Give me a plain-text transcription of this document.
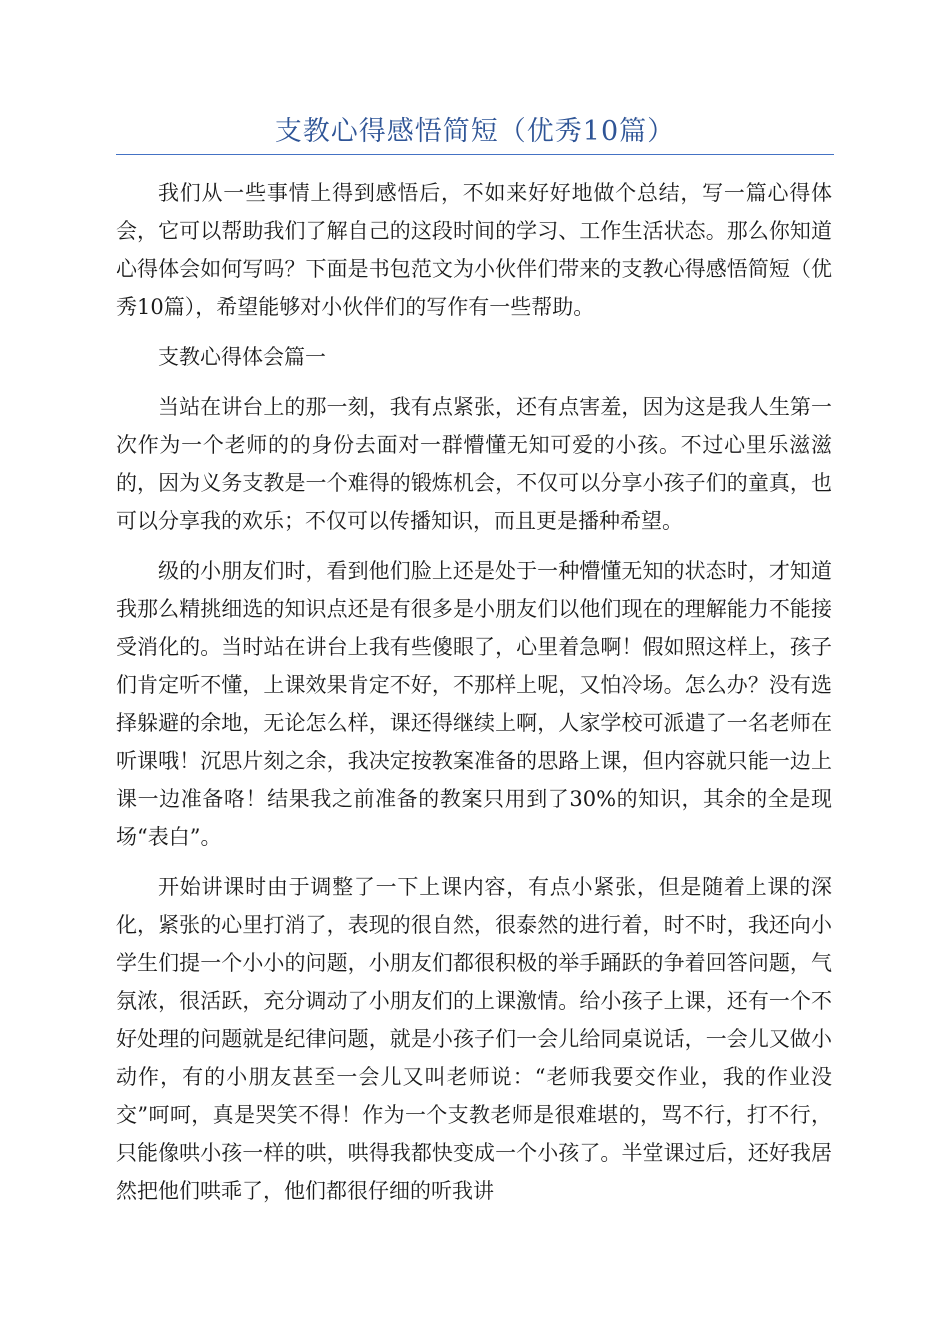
支教心得感悟简短（优秀10篇）

我们从一些事情上得到感悟后，不如来好好地做个总结，写一篇心得体会，它可以帮助我们了解自己的这段时间的学习、工作生活状态。那么你知道心得体会如何写吗？下面是书包范文为小伙伴们带来的支教心得感悟简短（优秀10篇），希望能够对小伙伴们的写作有一些帮助。

支教心得体会篇一

当站在讲台上的那一刻，我有点紧张，还有点害羞，因为这是我人生第一次作为一个老师的的身份去面对一群懵懂无知可爱的小孩。不过心里乐滋滋的，因为义务支教是一个难得的锻炼机会，不仅可以分享小孩子们的童真，也可以分享我的欢乐；不仅可以传播知识，而且更是播种希望。

级的小朋友们时，看到他们脸上还是处于一种懵懂无知的状态时，才知道我那么精挑细选的知识点还是有很多是小朋友们以他们现在的理解能力不能接受消化的。当时站在讲台上我有些傻眼了，心里着急啊！假如照这样上，孩子们肯定听不懂，上课效果肯定不好，不那样上呢，又怕冷场。怎么办？没有选择躲避的余地，无论怎么样，课还得继续上啊，人家学校可派遣了一名老师在听课哦！沉思片刻之余，我决定按教案准备的思路上课，但内容就只能一边上课一边准备咯！结果我之前准备的教案只用到了30%的知识，其余的全是现场“表白”。

开始讲课时由于调整了一下上课内容，有点小紧张，但是随着上课的深化，紧张的心里打消了，表现的很自然，很泰然的进行着，时不时，我还向小学生们提一个小小的问题，小朋友们都很积极的举手踊跃的争着回答问题，气氛浓，很活跃，充分调动了小朋友们的上课激情。给小孩子上课，还有一个不好处理的问题就是纪律问题，就是小孩子们一会儿给同桌说话，一会儿又做小动作，有的小朋友甚至一会儿又叫老师说：“老师我要交作业，我的作业没交”呵呵，真是哭笑不得！作为一个支教老师是很难堪的，骂不行，打不行，只能像哄小孩一样的哄，哄得我都快变成一个小孩了。半堂课过后，还好我居然把他们哄乖了，他们都很仔细的听我讲
